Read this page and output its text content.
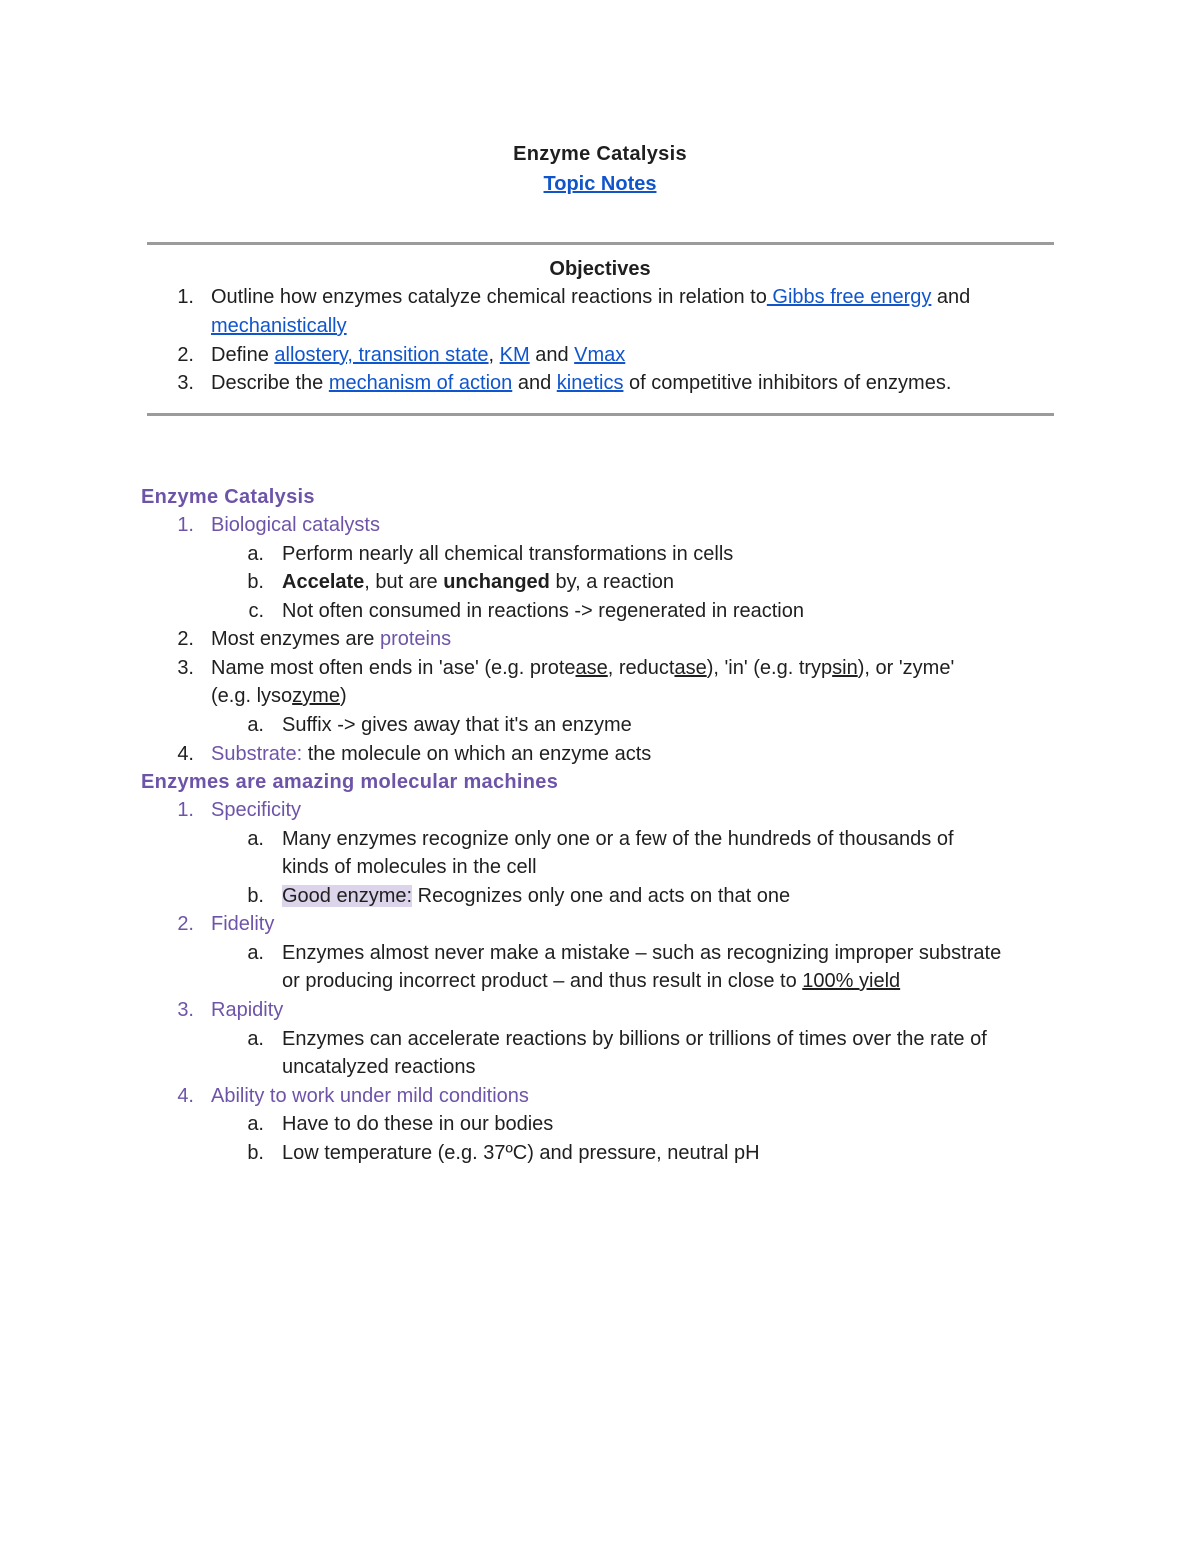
Enzyme Catalysis
Topic Notes
Objectives
1. Outline how enzymes catalyze chemical reactions in relation to Gibbs free energy and
mechanistically
2. Define allostery, transition state, KM and Vmax
3. Describe the mechanism of action and kinetics of competitive inhibitors of enzymes.
Enzyme Catalysis
1. Biological catalysts
a. Perform nearly all chemical transformations in cells
b. Accelate, but are unchanged by, a reaction
c. Not often consumed in reactions -> regenerated in reaction
2. Most enzymes are proteins
3. Name most often ends in 'ase' (e.g. protease, reductase), 'in' (e.g. trypsin), or 'zyme'
(e.g. lysozyme)
a. Suffix -> gives away that it's an enzyme
4. Substrate: the molecule on which an enzyme acts
Enzymes are amazing molecular machines
1. Specificity
a. Many enzymes recognize only one or a few of the hundreds of thousands of
kinds of molecules in the cell
b. Good enzyme: Recognizes only one and acts on that one
2. Fidelity
a. Enzymes almost never make a mistake – such as recognizing improper substrate
or producing incorrect product – and thus result in close to 100% yield
3. Rapidity
a. Enzymes can accelerate reactions by billions or trillions of times over the rate of
uncatalyzed reactions
4. Ability to work under mild conditions
a. Have to do these in our bodies
b. Low temperature (e.g. 37ºC) and pressure, neutral pH
